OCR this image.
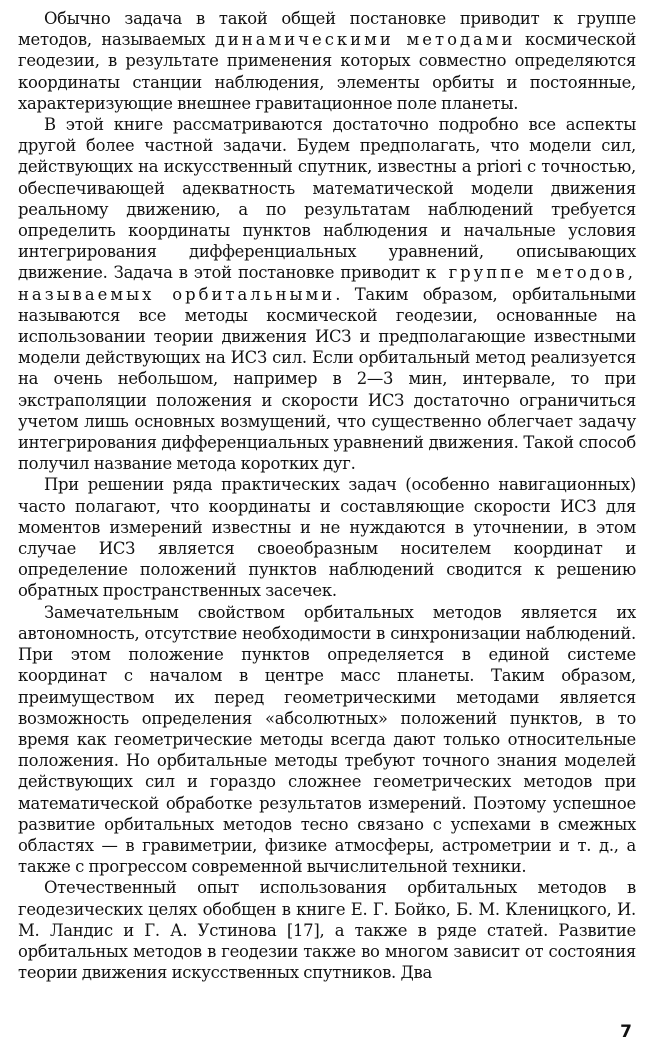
Обычно задача в такой общей постановке приводит к группе методов, называемых динамическими методами космической геодезии, в результате применения которых совместно определяются координаты станции наблюдения, элементы орбиты и постоянные, характеризующие внешнее гравитационное поле планеты.

В этой книге рассматриваются достаточно подробно все аспекты другой более частной задачи. Будем предполагать, что модели сил, действующих на искусственный спутник, известны a priori с точностью, обеспечивающей адекватность математической модели движения реальному движению, а по результатам наблюдений требуется определить координаты пунктов наблюдения и начальные условия интегрирования дифференциальных уравнений, описывающих движение. Задача в этой постановке приводит к группе методов, называемых орбитальными. Таким образом, орбитальными называются все методы космической геодезии, основанные на использовании теории движения ИСЗ и предполагающие известными модели действующих на ИСЗ сил. Если орбитальный метод реализуется на очень небольшом, например в 2—3 мин, интервале, то при экстраполяции положения и скорости ИСЗ достаточно ограничиться учетом лишь основных возмущений, что существенно облегчает задачу интегрирования дифференциальных уравнений движения. Такой способ получил название метода коротких дуг.

При решении ряда практических задач (особенно навигационных) часто полагают, что координаты и составляющие скорости ИСЗ для моментов измерений известны и не нуждаются в уточнении, в этом случае ИСЗ является своеобразным носителем координат и определение положений пунктов наблюдений сводится к решению обратных пространственных засечек.

Замечательным свойством орбитальных методов является их автономность, отсутствие необходимости в синхронизации наблюдений. При этом положение пунктов определяется в единой системе координат с началом в центре масс планеты. Таким образом, преимуществом их перед геометрическими методами является возможность определения «абсолютных» положений пунктов, в то время как геометрические методы всегда дают только относительные положения. Но орбитальные методы требуют точного знания моделей действующих сил и гораздо сложнее геометрических методов при математической обработке результатов измерений. Поэтому успешное развитие орбитальных методов тесно связано с успехами в смежных областях — в гравиметрии, физике атмосферы, астрометрии и т. д., а также с прогрессом современной вычислительной техники.

Отечественный опыт использования орбитальных методов в геодезических целях обобщен в книге Е. Г. Бойко, Б. М. Кленицкого, И. М. Ландис и Г. А. Устинова [17], а также в ряде статей. Развитие орбитальных методов в геодезии также во многом зависит от состояния теории движения искусственных спутников. Два

7
